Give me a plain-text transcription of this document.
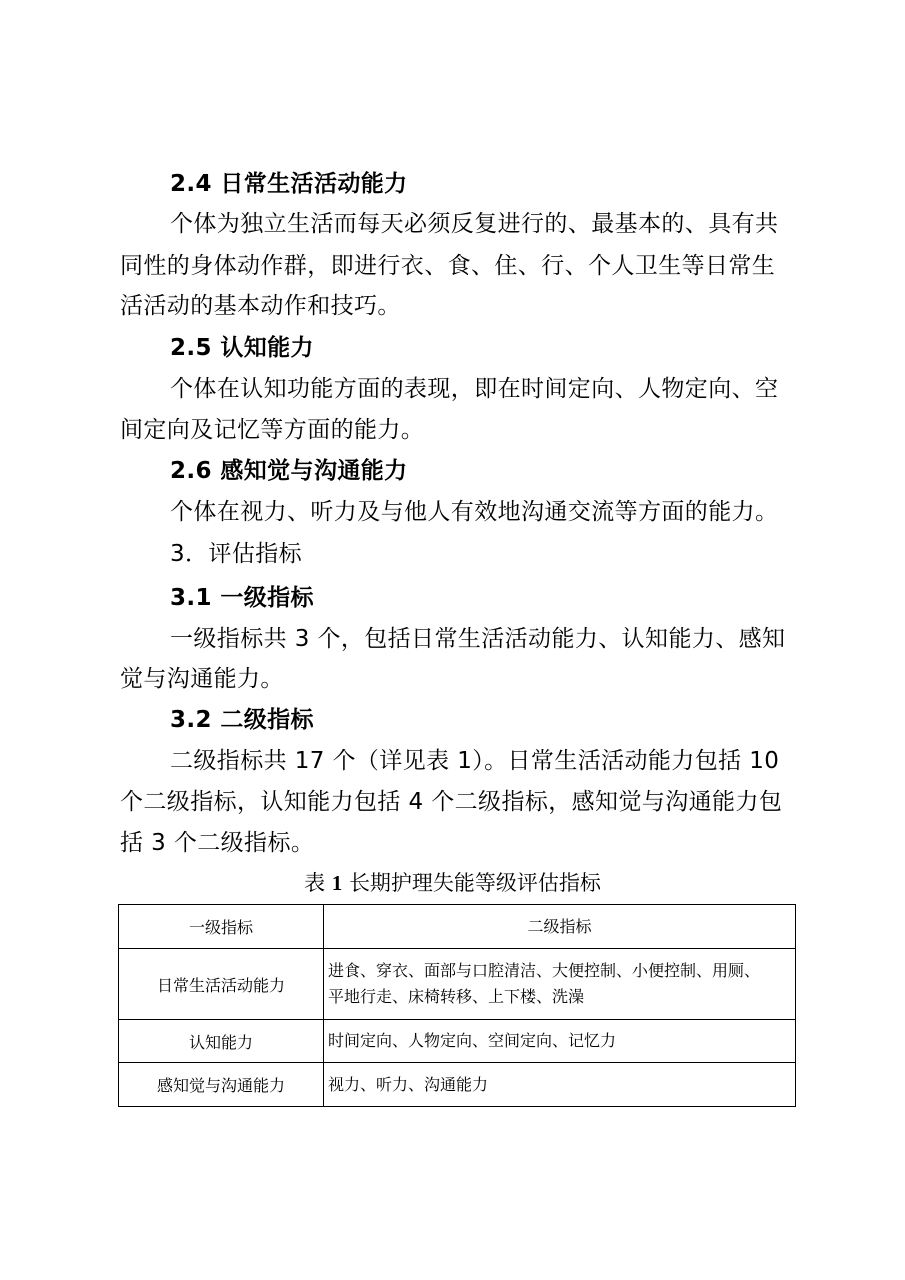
2.4 日常生活活动能力
个体为独立生活而每天必须反复进行的、最基本的、具有共
同性的身体动作群，即进行衣、食、住、行、个人卫生等日常生
活活动的基本动作和技巧。
2.5 认知能力
个体在认知功能方面的表现，即在时间定向、人物定向、空
间定向及记忆等方面的能力。
2.6 感知觉与沟通能力
个体在视力、听力及与他人有效地沟通交流等方面的能力。
3．评估指标
3.1 一级指标
一级指标共 3 个，包括日常生活活动能力、认知能力、感知
觉与沟通能力。
3.2 二级指标
二级指标共 17 个（详见表 1）。日常生活活动能力包括 10
个二级指标，认知能力包括 4 个二级指标，感知觉与沟通能力包
括 3 个二级指标。
表 1 长期护理失能等级评估指标
一级指标	二级指标
日常生活活动能力	进食、穿衣、面部与口腔清洁、大便控制、小便控制、用厕、
平地行走、床椅转移、上下楼、洗澡

认知能力	时间定向、人物定向、空间定向、记忆力
感知觉与沟通能力	视力、听力、沟通能力
